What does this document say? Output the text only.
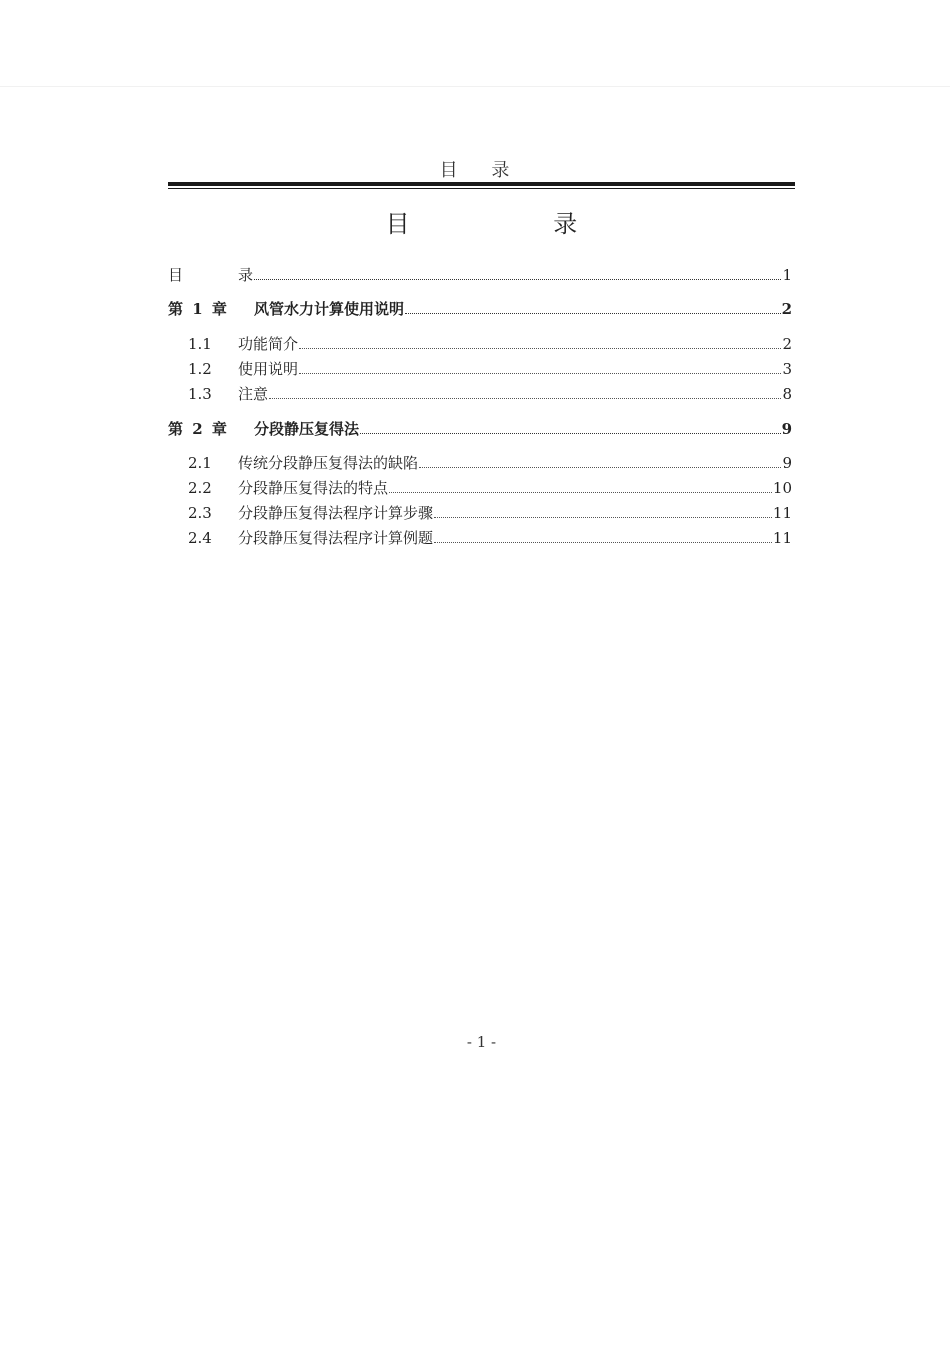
目 录
目 录
目	录	1
第 1 章	风管水力计算使用说明	2
1.1	功能简介	2
1.2	使用说明	3
1.3	注意	8
第 2 章	分段静压复得法	9
2.1	传统分段静压复得法的缺陷	9
2.2	分段静压复得法的特点	10
2.3	分段静压复得法程序计算步骤	11
2.4	分段静压复得法程序计算例题	11
- 1 -
